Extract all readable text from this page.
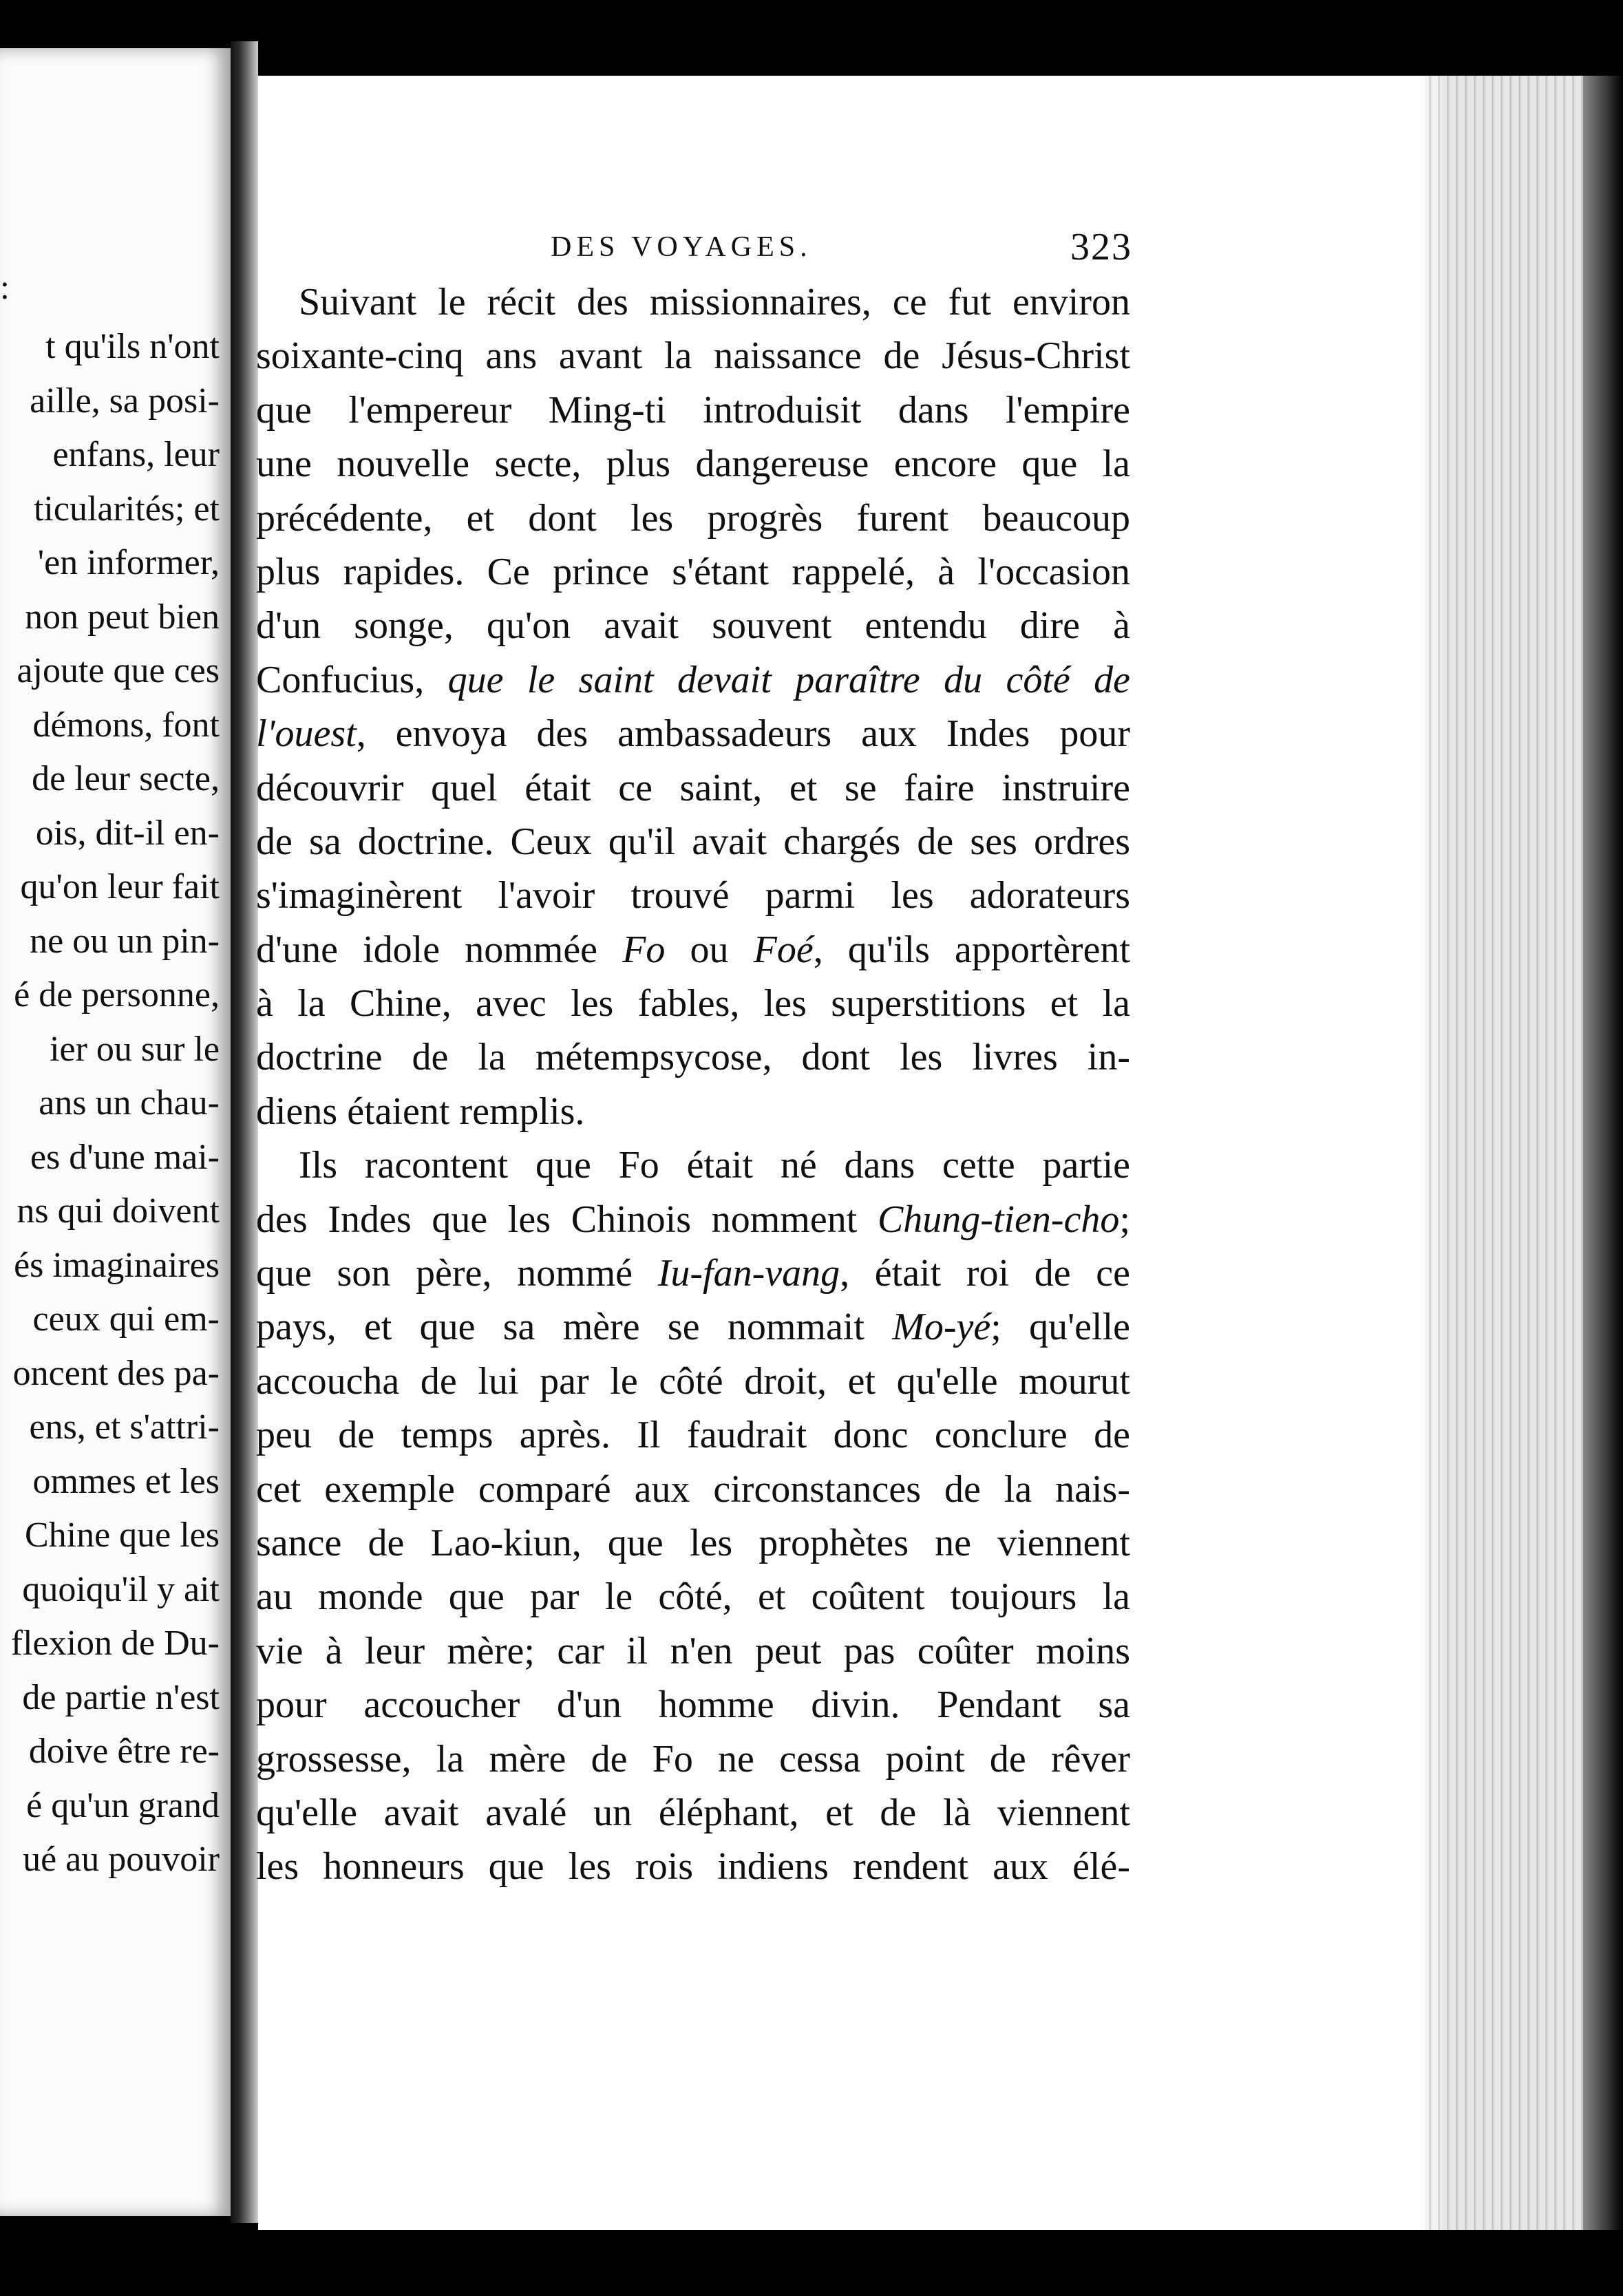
:
t qu'ils n'ont
aille, sa posi-
enfans, leur
ticularités; et
'en informer,
non peut bien
ajoute que ces
démons, font
de leur secte,
ois, dit-il en-
qu'on leur fait
ne ou un pin-
é de personne,
ier ou sur le
ans un chau-
es d'une mai-
ns qui doivent
és imaginaires
ceux qui em-
oncent des pa-
ens, et s'attri-
ommes et les
Chine que les
quoiqu'il y ait
flexion de Du-
de partie n'est
doive être re-
é qu'un grand
ué au pouvoir
DES VOYAGES.	323
Suivant le récit des missionnaires, ce fut environ
soixante-cinq ans avant la naissance de Jésus-Christ
que l'empereur Ming-ti introduisit dans l'empire
une nouvelle secte, plus dangereuse encore que la
précédente, et dont les progrès furent beaucoup
plus rapides. Ce prince s'étant rappelé, à l'occasion
d'un songe, qu'on avait souvent entendu dire à
Confucius, que le saint devait paraître du côté de
l'ouest, envoya des ambassadeurs aux Indes pour
découvrir quel était ce saint, et se faire instruire
de sa doctrine. Ceux qu'il avait chargés de ses ordres
s'imaginèrent l'avoir trouvé parmi les adorateurs
d'une idole nommée Fo ou Foé, qu'ils apportèrent
à la Chine, avec les fables, les superstitions et la
doctrine de la métempsycose, dont les livres in-
diens étaient remplis.
Ils racontent que Fo était né dans cette partie
des Indes que les Chinois nomment Chung-tien-cho;
que son père, nommé Iu-fan-vang, était roi de ce
pays, et que sa mère se nommait Mo-yé; qu'elle
accoucha de lui par le côté droit, et qu'elle mourut
peu de temps après. Il faudrait donc conclure de
cet exemple comparé aux circonstances de la nais-
sance de Lao-kiun, que les prophètes ne viennent
au monde que par le côté, et coûtent toujours la
vie à leur mère; car il n'en peut pas coûter moins
pour accoucher d'un homme divin. Pendant sa
grossesse, la mère de Fo ne cessa point de rêver
qu'elle avait avalé un éléphant, et de là viennent
les honneurs que les rois indiens rendent aux élé-
